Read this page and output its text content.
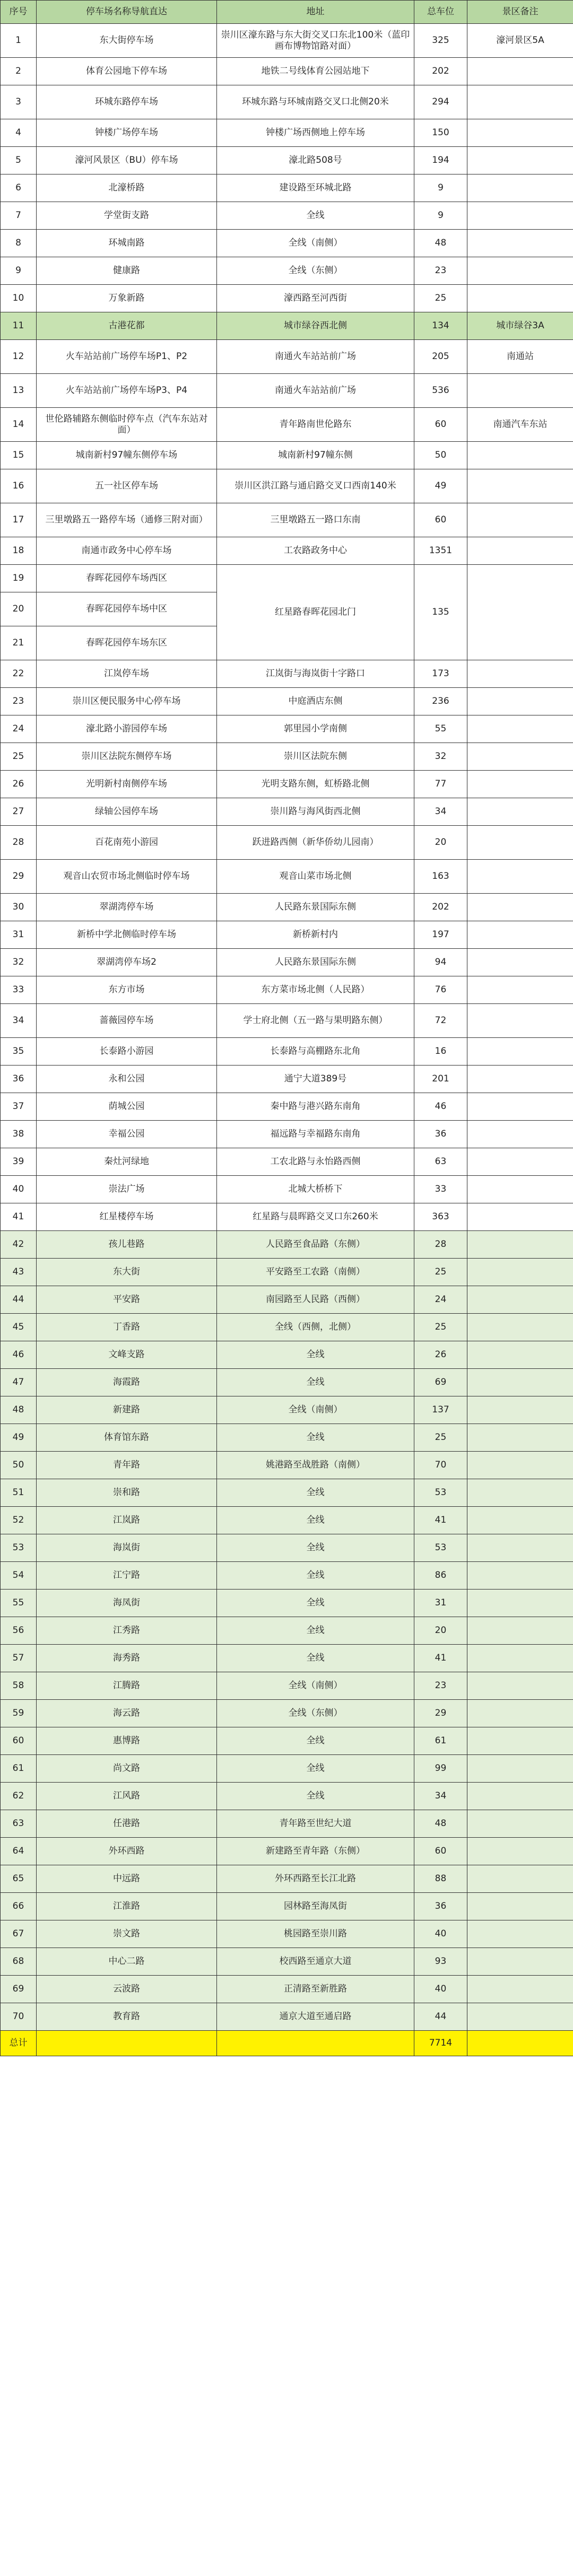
序号	停车场名称导航直达	地址	总车位	景区备注
1	东大街停车场	崇川区濠东路与东大街交叉口东北100米（蓝印画布博物馆路对面）	325	濠河景区5A
2	体育公园地下停车场	地铁二号线体育公园站地下	202	
3	环城东路停车场	环城东路与环城南路交叉口北侧20米	294	
4	钟楼广场停车场	钟楼广场西侧地上停车场	150	
5	濠河风景区（BU）停车场	濠北路508号	194	
6	北濠桥路	建设路至环城北路	9	
7	学堂街支路	全线	9	
8	环城南路	全线（南侧）	48	
9	健康路	全线（东侧）	23	
10	万象新路	濠西路至河西街	25	
11	古港花都	城市绿谷西北侧	134	城市绿谷3A
12	火车站站前广场停车场P1、P2	南通火车站站前广场	205	南通站
13	火车站站前广场停车场P3、P4	南通火车站站前广场	536	
14	世伦路辅路东侧临时停车点（汽车东站对面）	青年路南世伦路东	60	南通汽车东站
15	城南新村97幢东侧停车场	城南新村97幢东侧	50	
16	五一社区停车场	崇川区洪江路与通启路交叉口西南140米	49	
17	三里墩路五一路停车场（通修三附对面）	三里墩路五一路口东南	60	
18	南通市政务中心停车场	工农路政务中心	1351	
19	春晖花园停车场西区	红星路春晖花园北门	135	
20	春晖花园停车场中区			
21	春晖花园停车场东区			
22	江岚停车场	江岚街与海岚街十字路口	173	
23	崇川区便民服务中心停车场	中庭酒店东侧	236	
24	濠北路小游园停车场	郭里园小学南侧	55	
25	崇川区法院东侧停车场	崇川区法院东侧	32	
26	光明新村南侧停车场	光明支路东侧，虹桥路北侧	77	
27	绿轴公园停车场	崇川路与海风街西北侧	34	
28	百花南苑小游园	跃进路西侧（新华侨幼儿园南）	20	
29	观音山农贸市场北侧临时停车场	观音山菜市场北侧	163	
30	翠湖湾停车场	人民路东景国际东侧	202	
31	新桥中学北侧临时停车场	新桥新村内	197	
32	翠湖湾停车场2	人民路东景国际东侧	94	
33	东方市场	东方菜市场北侧（人民路）	76	
34	蔷薇园停车场	学士府北侧（五一路与果明路东侧）	72	
35	长泰路小游园	长泰路与高棚路东北角	16	
36	永和公园	通宁大道389号	201	
37	荫城公园	秦中路与港兴路东南角	46	
38	幸福公园	福远路与幸福路东南角	36	
39	秦灶河绿地	工农北路与永怡路西侧	63	
40	崇法广场	北城大桥桥下	33	
41	红星楼停车场	红星路与晨晖路交叉口东260米	363	
42	孩儿巷路	人民路至食品路（东侧）	28	
43	东大街	平安路至工农路（南侧）	25	
44	平安路	南园路至人民路（西侧）	24	
45	丁香路	全线（西侧，北侧）	25	
46	文峰支路	全线	26	
47	海霞路	全线	69	
48	新建路	全线（南侧）	137	
49	体育馆东路	全线	25	
50	青年路	姚港路至战胜路（南侧）	70	
51	崇和路	全线	53	
52	江岚路	全线	41	
53	海岚街	全线	53	
54	江宁路	全线	86	
55	海凤街	全线	31	
56	江秀路	全线	20	
57	海秀路	全线	41	
58	江腾路	全线（南侧）	23	
59	海云路	全线（东侧）	29	
60	惠博路	全线	61	
61	尚文路	全线	99	
62	江风路	全线	34	
63	任港路	青年路至世纪大道	48	
64	外环西路	新建路至青年路（东侧）	60	
65	中远路	外环西路至长江北路	88	
66	江淮路	园林路至海凤街	36	
67	崇文路	桃园路至崇川路	40	
68	中心二路	校西路至通京大道	93	
69	云波路	正清路至新胜路	40	
70	教育路	通京大道至通启路	44	
总计			7714	
